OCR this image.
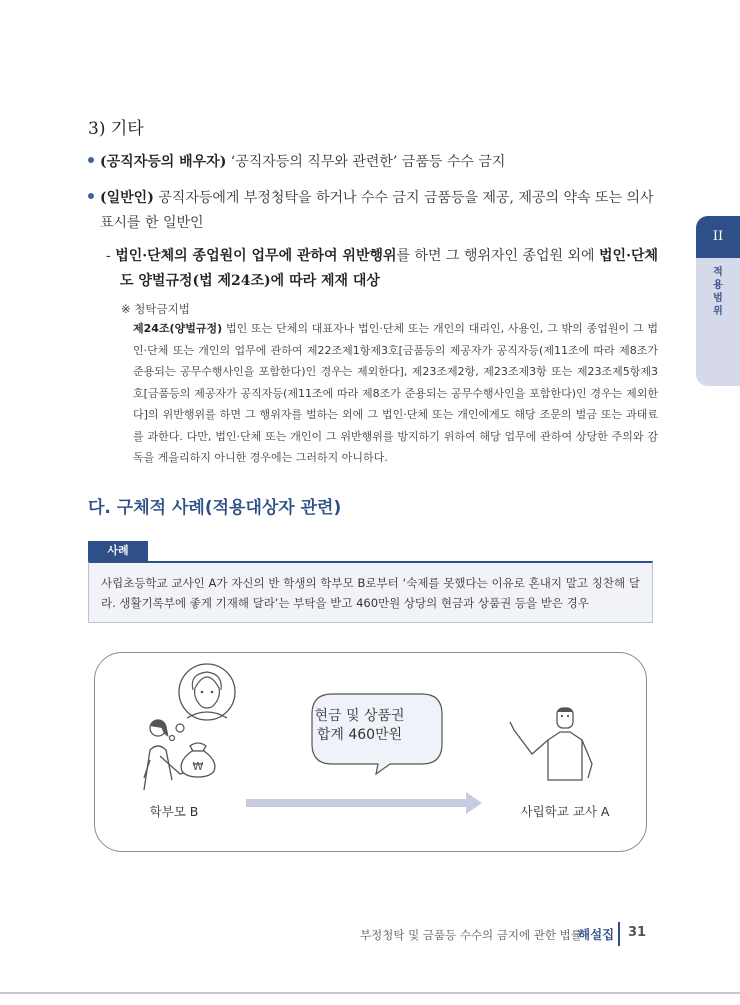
3) 기타
(공직자등의 배우자) ‘공직자등의 직무와 관련한’ 금품등 수수 금지
(일반인) 공직자등에게 부정청탁을 하거나 수수 금지 금품등을 제공, 제공의 약속 또는 의사표시를 한 일반인
- 법인·단체의 종업원이 업무에 관하여 위반행위를 하면 그 행위자인 종업원 외에 법인·단체도 양벌규정(법 제24조)에 따라 제재 대상
※ 청탁금지법
제24조(양벌규정) 법인 또는 단체의 대표자나 법인·단체 또는 개인의 대리인, 사용인, 그 밖의 종업원이 그 법인·단체 또는 개인의 업무에 관하여 제22조제1항제3호[금품등의 제공자가 공직자등(제11조에 따라 제8조가 준용되는 공무수행사인을 포함한다)인 경우는 제외한다], 제23조제2항, 제23조제3항 또는 제23조제5항제3호[금품등의 제공자가 공직자등(제11조에 따라 제8조가 준용되는 공무수행사인을 포함한다)인 경우는 제외한다]의 위반행위를 하면 그 행위자를 벌하는 외에 그 법인·단체 또는 개인에게도 해당 조문의 벌금 또는 과태료를 과한다. 다만, 법인·단체 또는 개인이 그 위반행위를 방지하기 위하여 해당 업무에 관하여 상당한 주의와 감독을 게을리하지 아니한 경우에는 그러하지 아니하다.
다. 구체적 사례(적용대상자 관련)
사례
사립초등학교 교사인 A가 자신의 반 학생의 학부모 B로부터 ‘숙제를 못했다는 이유로 혼내지 말고 칭찬해 달라. 생활기록부에 좋게 기재해 달라’는 부탁을 받고 460만원 상당의 현금과 상품권 등을 받은 경우
₩
현금 및 상품권
합계 460만원
학부모 B	사립학교 교사 A
II
적
용
범
위
부정청탁 및 금품등 수수의 금지에 관한 법률
해설집 31
